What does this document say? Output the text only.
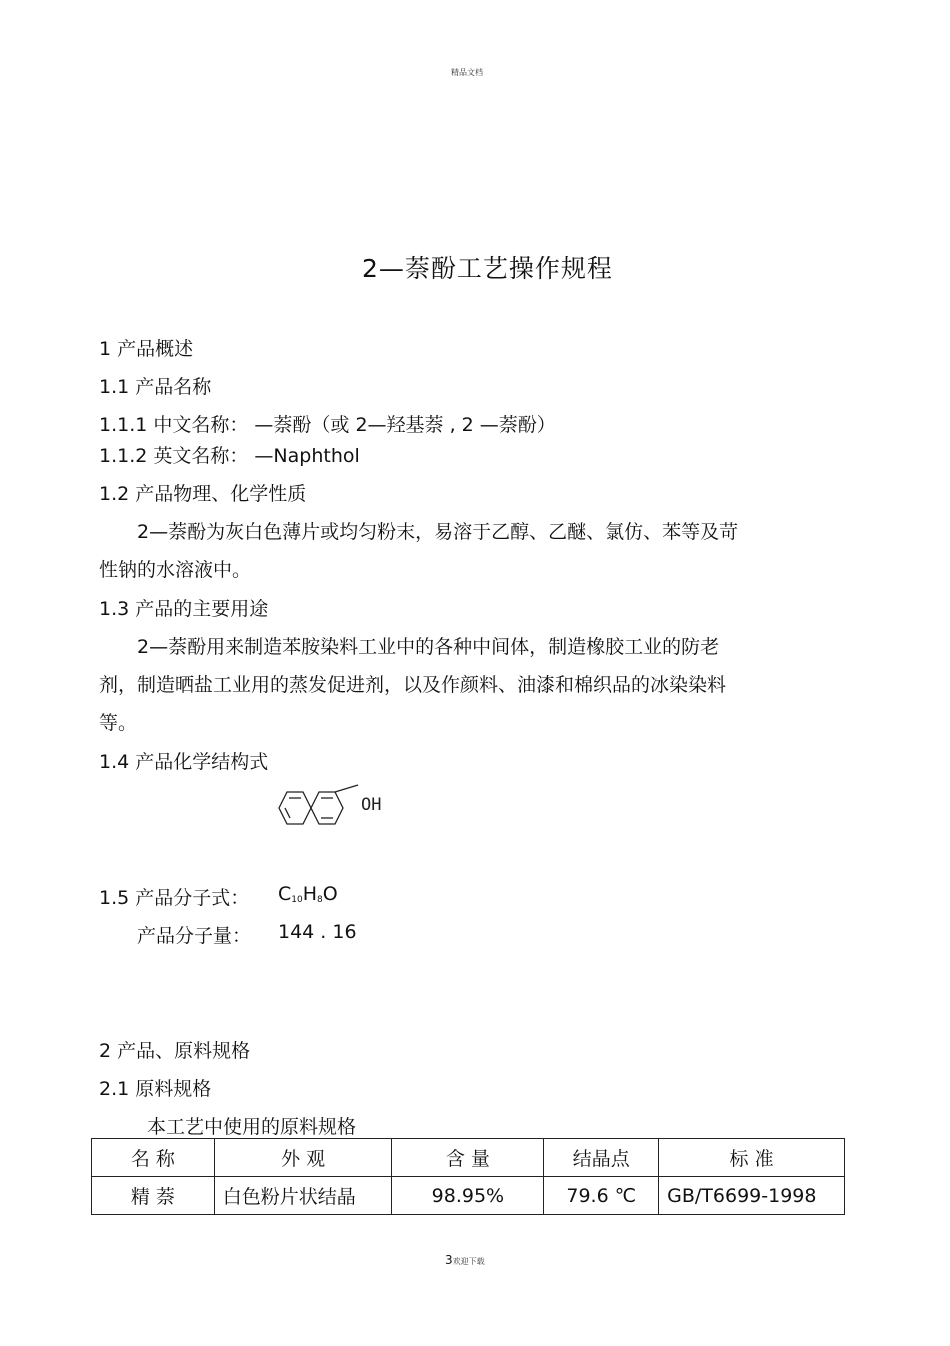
精品文档
2—萘酚工艺操作规程
1 产品概述
1.1 产品名称
1.1.1 中文名称： —萘酚（或 2—羟基萘 , 2 —萘酚）
1.1.2 英文名称： —Naphthol
1.2 产品物理、化学性质
2—萘酚为灰白色薄片或均匀粉末，易溶于乙醇、乙醚、氯仿、苯等及苛
性钠的水溶液中。
1.3 产品的主要用途
2—萘酚用来制造苯胺染料工业中的各种中间体，制造橡胶工业的防老
剂，制造晒盐工业用的蒸发促进剂，以及作颜料、油漆和棉织品的冰染染料
等。
1.4 产品化学结构式
OH
1.5 产品分子式： C10H8O
产品分子量： 144 . 16
2 产品、原料规格
2.1 原料规格
本工艺中使用的原料规格
名 称	外 观	含 量	结晶点	标 准
精 萘	白色粉片状结晶	98.95%	79.6 ℃	GB/T6699-1998
3欢迎下载
